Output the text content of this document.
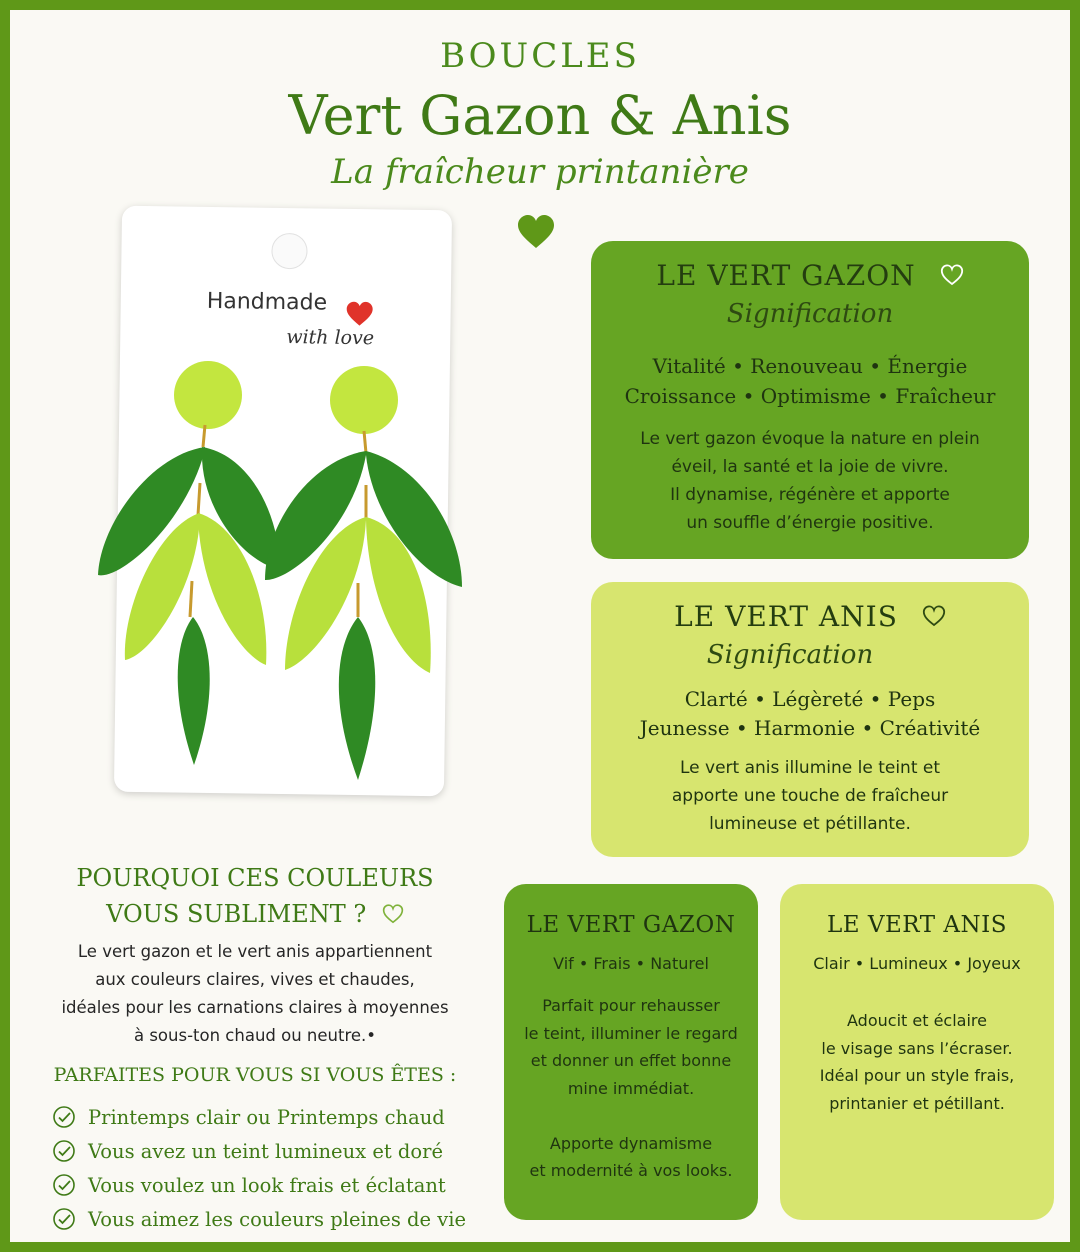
BOUCLES
Vert Gazon & Anis
La fraîcheur printanière
Handmade
with love
LE VERT GAZON
Signification
Vitalité • Renouveau • Énergie
Croissance • Optimisme • Fraîcheur
Le vert gazon évoque la nature en plein
éveil, la santé et la joie de vivre.
Il dynamise, régénère et apporte
un souffle d’énergie positive.
LE VERT ANIS
Signification
Clarté • Légèreté • Peps
Jeunesse • Harmonie • Créativité
Le vert anis illumine le teint et
apporte une touche de fraîcheur
lumineuse et pétillante.
POURQUOI CES COULEURS
VOUS SUBLIMENT ?
Le vert gazon et le vert anis appartiennent
aux couleurs claires, vives et chaudes,
idéales pour les carnations claires à moyennes
à sous-ton chaud ou neutre.•
PARFAITES POUR VOUS SI VOUS ÊTES :
Printemps clair ou Printemps chaud
Vous avez un teint lumineux et doré
Vous voulez un look frais et éclatant
Vous aimez les couleurs pleines de vie
LE VERT GAZON
Vif • Frais • Naturel
Parfait pour rehausser
le teint, illuminer le regard
et donner un effet bonne
mine immédiat.
Apporte dynamisme
et modernité à vos looks.
LE VERT ANIS
Clair • Lumineux • Joyeux
Adoucit et éclaire
le visage sans l’écraser.
Idéal pour un style frais,
printanier et pétillant.
